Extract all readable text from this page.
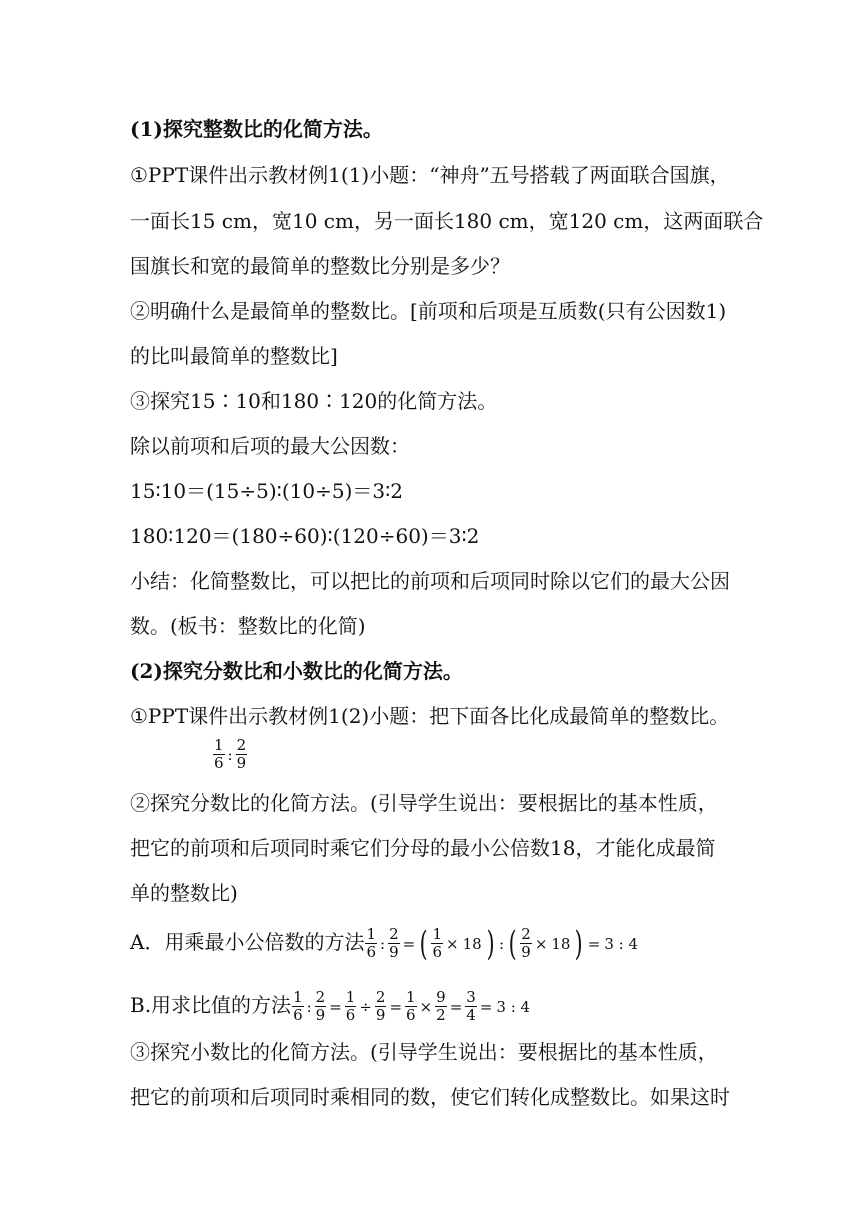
(1)探究整数比的化简方法。
①PPT课件出示教材例1(1)小题：“神舟”五号搭载了两面联合国旗，
一面长15 cm，宽10 cm，另一面长180 cm，宽120 cm，这两面联合
国旗长和宽的最简单的整数比分别是多少？
②明确什么是最简单的整数比。[前项和后项是互质数(只有公因数1)
的比叫最简单的整数比]
③探究15∶10和180∶120的化简方法。
除以前项和后项的最大公因数：
15∶10＝(15÷5)∶(10÷5)＝3∶2
180∶120＝(180÷60)∶(120÷60)＝3∶2
小结：化简整数比，可以把比的前项和后项同时除以它们的最大公因
数。(板书：整数比的化简)
(2)探究分数比和小数比的化简方法。
①PPT课件出示教材例1(2)小题：把下面各比化成最简单的整数比。
$\frac{1}{6}$ : $\frac{2}{9}$
②探究分数比的化简方法。(引导学生说出：要根据比的基本性质，
把它的前项和后项同时乘它们分母的最小公倍数18，才能化成最简
单的整数比)
A．用乘最小公倍数的方法 $\frac{1}{6}$ : $\frac{2}{9}$ = ( $\frac{1}{6} \times 18$ ) : ( $\frac{2}{9} \times 18$ ) = 3 : 4
B.用求比值的方法 $\frac{1}{6}$ : $\frac{2}{9} = \frac{1}{6} \div \frac{2}{9} = \frac{1}{6} \times \frac{9}{2} = \frac{3}{4} = 3$ : 4
③探究小数比的化简方法。(引导学生说出：要根据比的基本性质，
把它的前项和后项同时乘相同的数，使它们转化成整数比。如果这时
